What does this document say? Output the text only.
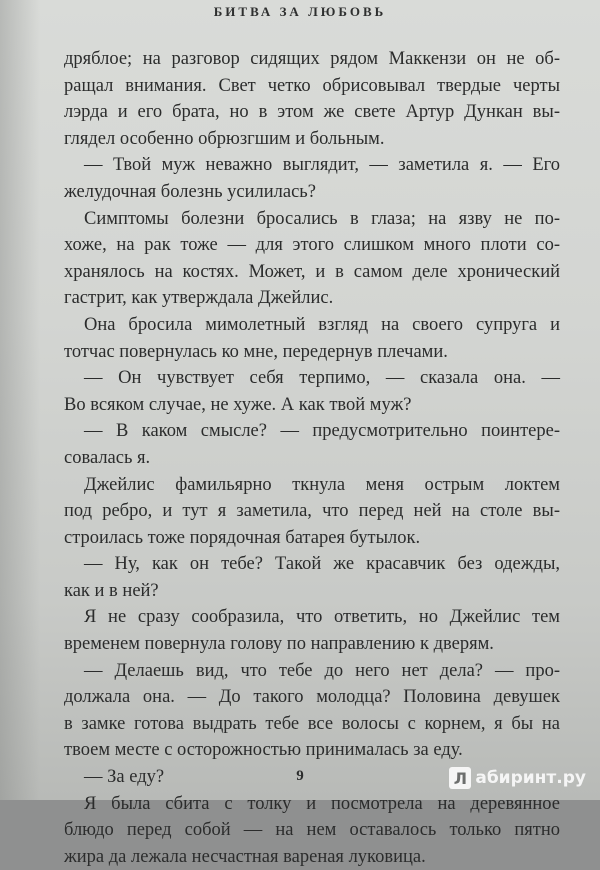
БИТВА ЗА ЛЮБОВЬ
дряблое; на разговор сидящих рядом Маккензи он не об-
ращал внимания. Свет четко обрисовывал твердые черты
лэрда и его брата, но в этом же свете Артур Дункан вы-
глядел особенно обрюзгшим и больным.
— Твой муж неважно выглядит, — заметила я. — Его
желудочная болезнь усилилась?
Симптомы болезни бросались в глаза; на язву не по-
хоже, на рак тоже — для этого слишком много плоти со-
хранялось на костях. Может, и в самом деле хронический
гастрит, как утверждала Джейлис.
Она бросила мимолетный взгляд на своего супруга и
тотчас повернулась ко мне, передернув плечами.
— Он чувствует себя терпимо, — сказала она. —
Во всяком случае, не хуже. А как твой муж?
— В каком смысле? — предусмотрительно поинтере-
совалась я.
Джейлис фамильярно ткнула меня острым локтем
под ребро, и тут я заметила, что перед ней на столе вы-
строилась тоже порядочная батарея бутылок.
— Ну, как он тебе? Такой же красавчик без одежды,
как и в ней?
Я не сразу сообразила, что ответить, но Джейлис тем
временем повернула голову по направлению к дверям.
— Делаешь вид, что тебе до него нет дела? — про-
должала она. — До такого молодца? Половина девушек
в замке готова выдрать тебе все волосы с корнем, я бы на
твоем месте с осторожностью принималась за еду.
— За еду?
Я была сбита с толку и посмотрела на деревянное
блюдо перед собой — на нем оставалось только пятно
жира да лежала несчастная вареная луковица.
9	Л абиринт.ру
